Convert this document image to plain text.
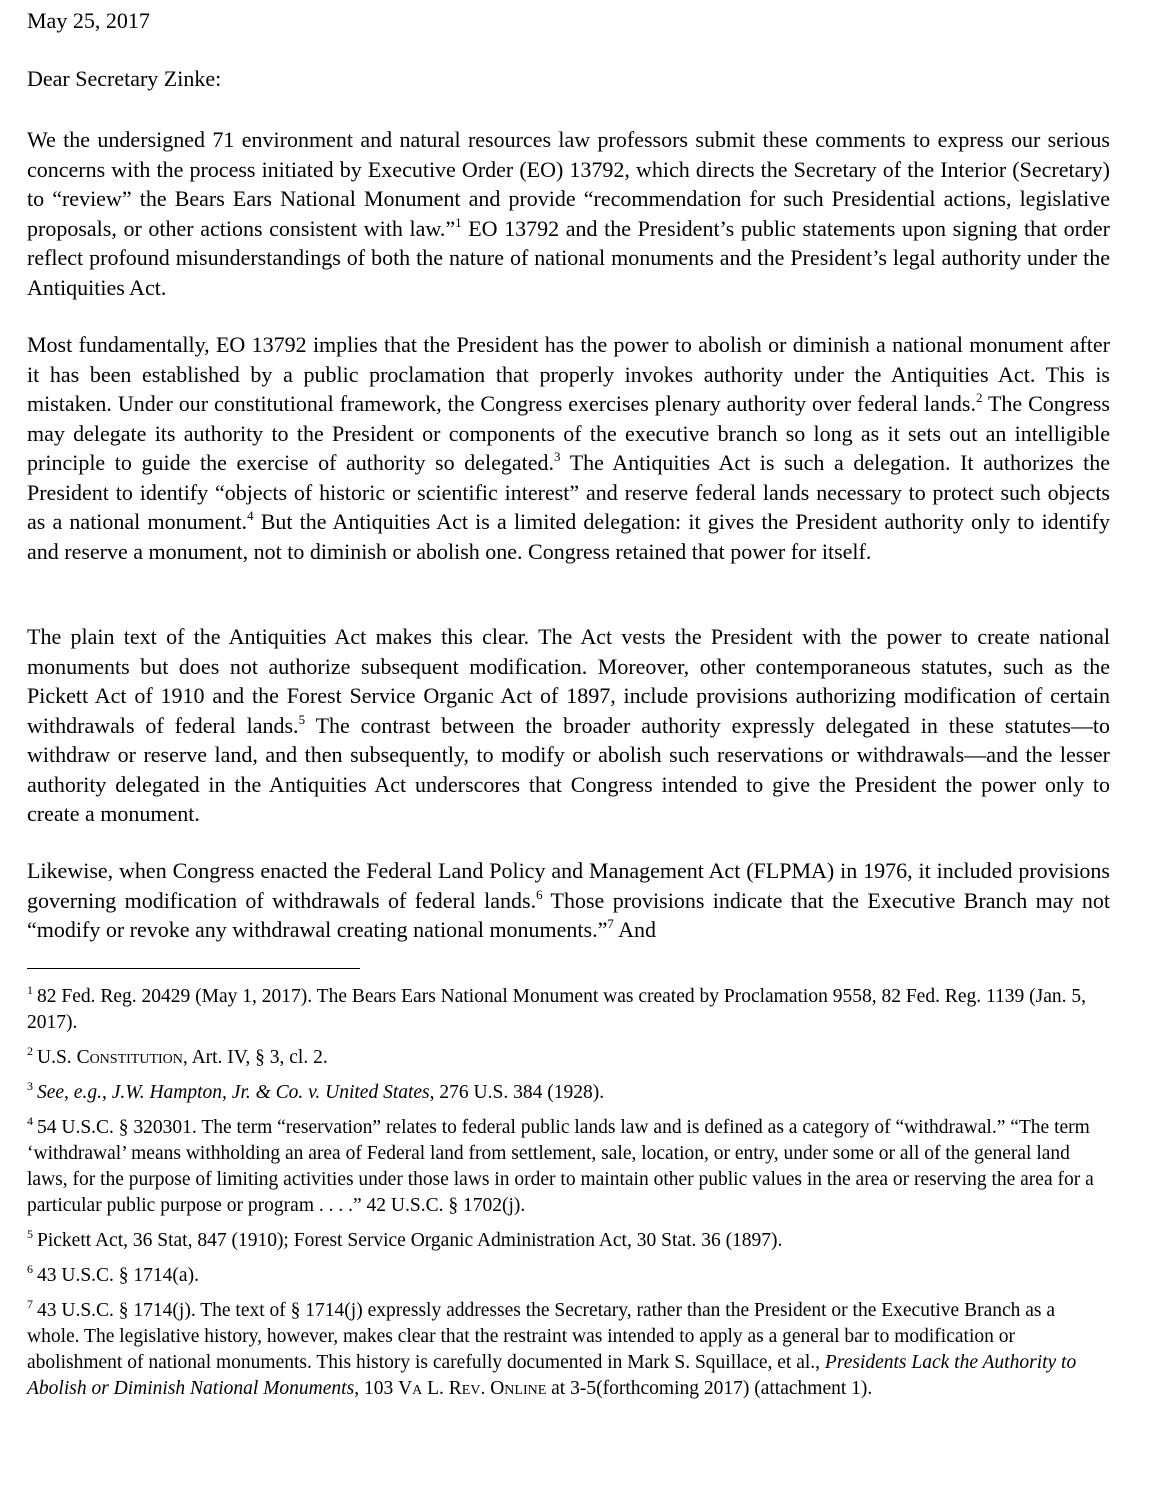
May 25, 2017
Dear Secretary Zinke:

We the undersigned 71 environment and natural resources law professors submit these comments to express our serious concerns with the process initiated by Executive Order (EO) 13792, which directs the Secretary of the Interior (Secretary) to “review” the Bears Ears National Monument and provide “recommendation for such Presidential actions, legislative proposals, or other actions consistent with law.”$^1$ EO 13792 and the President’s public statements upon signing that order reflect profound misunderstandings of both the nature of national monuments and the President’s legal authority under the Antiquities Act.

Most fundamentally, EO 13792 implies that the President has the power to abolish or diminish a national monument after it has been established by a public proclamation that properly invokes authority under the Antiquities Act. This is mistaken. Under our constitutional framework, the Congress exercises plenary authority over federal lands.$^2$ The Congress may delegate its authority to the President or components of the executive branch so long as it sets out an intelligible principle to guide the exercise of authority so delegated.$^3$ The Antiquities Act is such a delegation. It authorizes the President to identify “objects of historic or scientific interest” and reserve federal lands necessary to protect such objects as a national monument.$^4$ But the Antiquities Act is a limited delegation: it gives the President authority only to identify and reserve a monument, not to diminish or abolish one. Congress retained that power for itself.

The plain text of the Antiquities Act makes this clear. The Act vests the President with the power to create national monuments but does not authorize subsequent modification. Moreover, other contemporaneous statutes, such as the Pickett Act of 1910 and the Forest Service Organic Act of 1897, include provisions authorizing modification of certain withdrawals of federal lands.$^5$ The contrast between the broader authority expressly delegated in these statutes—to withdraw or reserve land, and then subsequently, to modify or abolish such reservations or withdrawals—and the lesser authority delegated in the Antiquities Act underscores that Congress intended to give the President the power only to create a monument.

Likewise, when Congress enacted the Federal Land Policy and Management Act (FLPMA) in 1976, it included provisions governing modification of withdrawals of federal lands.$^6$ Those provisions indicate that the Executive Branch may not “modify or revoke any withdrawal creating national monuments.”$^7$ And

$^1$ 82 Fed. Reg. 20429 (May 1, 2017). The Bears Ears National Monument was created by Proclamation 9558, 82 Fed. Reg. 1139 (Jan. 5, 2017).

$^2$ U.S. Constitution, Art. IV, § 3, cl. 2.

$^3$ See, e.g., J.W. Hampton, Jr. & Co. v. United States, 276 U.S. 384 (1928).

$^4$ 54 U.S.C. § 320301. The term “reservation” relates to federal public lands law and is defined as a category of “withdrawal.” “The term ‘withdrawal’ means withholding an area of Federal land from settlement, sale, location, or entry, under some or all of the general land laws, for the purpose of limiting activities under those laws in order to maintain other public values in the area or reserving the area for a particular public purpose or program . . . .” 42 U.S.C. § 1702(j).

$^5$ Pickett Act, 36 Stat, 847 (1910); Forest Service Organic Administration Act, 30 Stat. 36 (1897).

$^6$ 43 U.S.C. § 1714(a).

$^7$ 43 U.S.C. § 1714(j). The text of § 1714(j) expressly addresses the Secretary, rather than the President or the Executive Branch as a whole. The legislative history, however, makes clear that the restraint was intended to apply as a general bar to modification or abolishment of national monuments. This history is carefully documented in Mark S. Squillace, et al., Presidents Lack the Authority to Abolish or Diminish National Monuments, 103 Va L. Rev. Online at 3-5(forthcoming 2017) (attachment 1).
